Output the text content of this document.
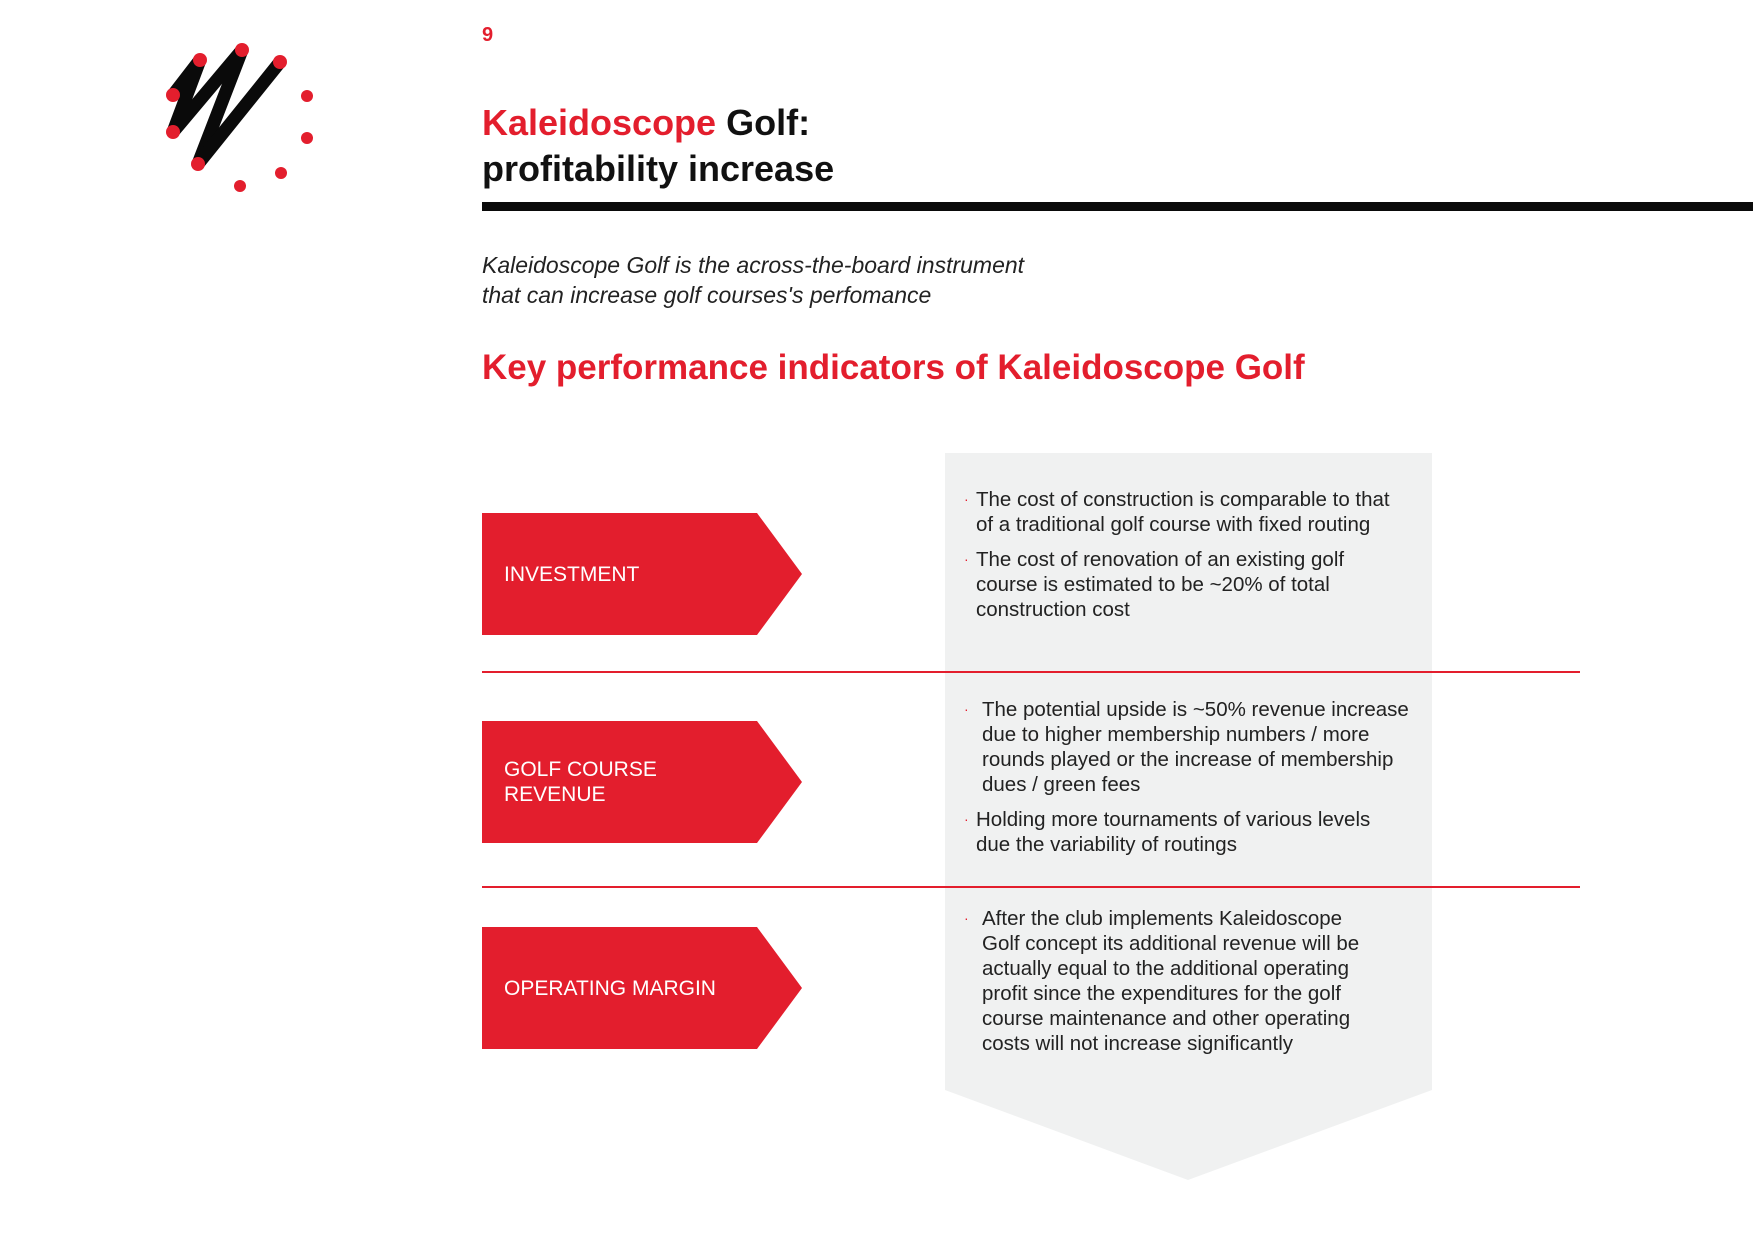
9
Kaleidoscope Golf:
profitability increase
Kaleidoscope Golf is the across-the-board instrument
that can increase golf courses's perfomance
Key performance indicators of Kaleidoscope Golf
INVESTMENT

· The cost of construction is comparable to that of a traditional golf course with fixed routing

· The cost of renovation of an existing golf course is estimated to be ~20% of total construction cost

GOLF COURSE
REVENUE

· The potential upside is ~50% revenue increase due to higher membership numbers / more rounds played or the increase of membership dues / green fees

· Holding more tournaments of various levels due the variability of routings

OPERATING MARGIN

· After the club implements Kaleidoscope Golf concept its additional revenue will be actually equal to the additional operating profit since the expenditures for the golf course maintenance and other operating costs will not increase significantly
